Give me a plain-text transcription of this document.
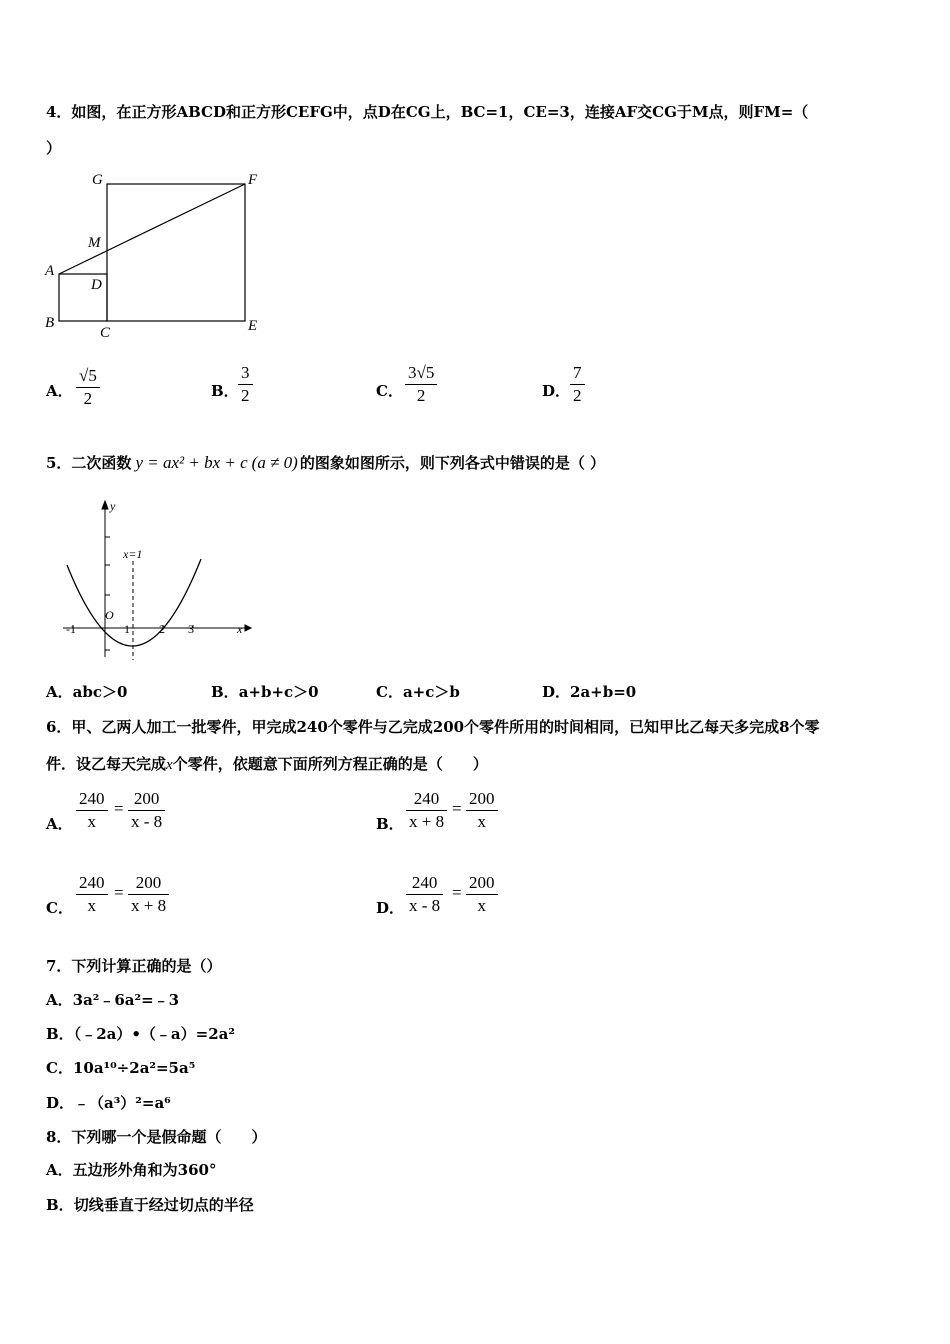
4．如图，在正方形ABCD和正方形CEFG中，点D在CG上，BC=1，CE=3，连接AF交CG于M点，则FM=（
）
G	F
M
A
D
B
C	E
A．
√5
2	B．
3
2	C．
3√5
2	D．
7
2
5．二次函数 y = ax² + bx + c (a ≠ 0) 的图象如图所示，则下列各式中错误的是（ ）
y
x
O
x=1
-1	1 2 3
A．abc＞0	B．a+b+c＞0	C．a+c＞b	D．2a+b=0
6．甲、乙两人加工一批零件，甲完成240个零件与乙完成200个零件所用的时间相同，已知甲比乙每天多完成8个零
件．设乙每天完成x个零件，依题意下面所列方程正确的是（　　）
A．
240
x
=
200
x - 8	B．
240
x + 8
=
200
x
C．
240
x
=
200
x + 8	D．
240
x - 8
=
200
x
7．下列计算正确的是（）
A．3a²﹣6a²=﹣3
B．（﹣2a）•（﹣a）=2a²
C．10a¹⁰÷2a²=5a⁵
D．﹣（a³）²=a⁶
8．下列哪一个是假命题（　　）
A．五边形外角和为360°
B．切线垂直于经过切点的半径
